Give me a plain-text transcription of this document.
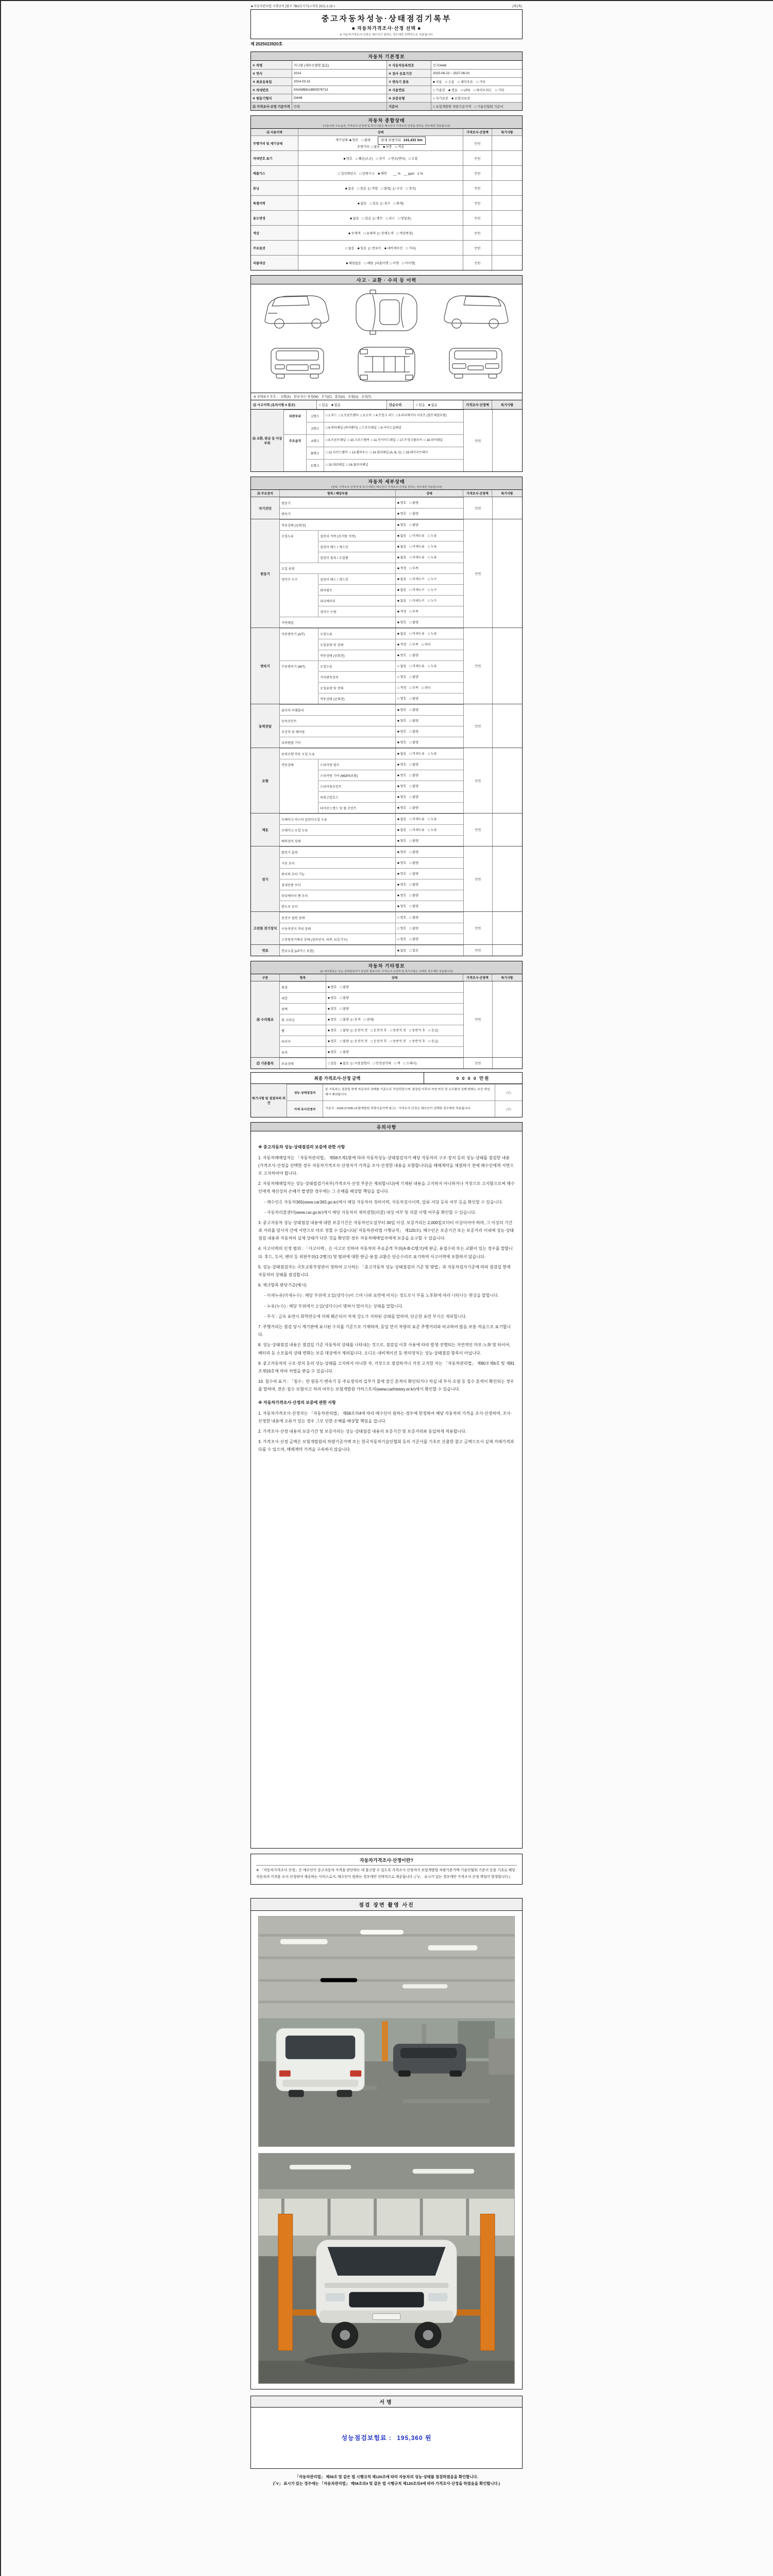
■ 자동차관리법 시행규칙 [별지 제82호서식] <개정 2021.1.19.>	(제1쪽)
중고자동차성능·상태점검기록부
■ 자동차가격조사·산정 선택 ■
※ 자동차가격조사·산정은 매수인이 원하는 경우에만 선택적으로 적용됩니다.
제 2025023920호
자동차 기본정보
① 차명	카니발 (세부모델명 없음)	⑤ 자동차등록번호	인지3448
② 연식	2014	⑥ 검사 유효기간	2025-06-23 ~ 2027-06-01
③ 최초등록일	2014-03-31	⑦ 변속기 종류	■ 자동 □ 수동 □ 세미오토 □ 기타
④ 차대번호	KNAMB81ABE5576713	⑧ 사용연료	□ 가솔린 ■ 경유 □ LPG □ 하이브리드 □ 기타
⑨ 원동기형식	D4HB	⑩ 보증유형	□ 자가보증 ■ 보험사보증
⑪ 가격조사·산정 기준가격	만원	기준서	□ 보험개발원 차량기준가액 □ 기술인협회 기준서
자동차 종합상태
(사용이력·주요옵션, 가격조사·산정액 및 특기사항은 매수인이 가격조사·산정을 원하는 경우에만 적용합니다)
⑫ 사용이력	상태	가격조사·산정액	특기사항
주행거리 및 계기상태
계기상태 ■ 양호 □ 불량	현재 주행거리 141,431 km
주행거리 □ 많음 ■ 보통 □ 적음
만원
차대번호 표기	■ 양호 □ 훼손(오손) □ 상이 □ 변조(변타) □ 도말	만원
배출가스	□ 일산화탄소 □ 탄화수소 ■ 매연  __ % __ ppm 2 %	만원
튜닝	■ 없음 □ 있음 (□ 적법 □ 불법) (□ 구조 □ 장치)	만원
특별이력	■ 없음 □ 있음 (□ 침수 □ 화재)	만원
용도변경	■ 없음 □ 있음 (□ 렌트 □ 리스 □ 영업용)	만원
색상	■ 무채색 □ 유채색 (□ 전체도색 □ 색상변경)	만원
주요옵션	□ 없음 ■ 있음 (□ 썬루프 ■ 네비게이션 □ 기타)	만원
리콜대상	■ 해당없음 □ 해당 (리콜이행 □ 이행 □ 미이행)	만원
사고 · 교환 · 수리 등 이력
※ 상태표시 부호 : 교환(X) 판금 또는 용접(W) 부식(C) 흠집(A) 요철(U) 손상(T)
⑬ 사고이력 (유의사항 4 참조)	□ 있음 ■ 없음	단순수리	□ 있음 ■ 없음	가격조사·산정액	특기사항
⑭ 교환, 판금 등 이상 부위
외판부위	1랭크	□ 1.후드 □ 2.프론트펜더 □ 3.도어 □ 4.트렁크 리드 □ 5.라디에이터 서포트 (볼트체결부품)
2랭크	□ 6.쿼터패널 (리어펜더) □ 7.루프패널 □ 8.사이드실패널
주요골격	A랭크	□ 9.프론트패널 □ 10.크로스멤버 □ 11.인사이드패널 □ 17.트렁크플로어 □ 18.리어패널
B랭크	□ 12.사이드멤버 □ 13.휠하우스 □ 14.필러패널 (A, B, C) □ 19.패키지트레이
C랭크	□ 15.대쉬패널 □ 16.플로어패널
만원
자동차 세부상태
(상태, 가격조사·산정액 및 특기사항은 매수인이 가격조사·산정을 원하는 경우에만 적용합니다)
⑮ 주요장치	항목 / 해당부품	상태	가격조사·산정액	특기사항
자기진단
원동기	■ 양호 □ 불량
변속기	■ 양호 □ 불량
만원
원동기
작동상태 (공회전)	■ 양호 □ 불량
오일누유	실린더 커버 (로커암 커버)	■ 없음 □ 미세누유 □ 누유
실린더 헤드 / 개스킷	■ 없음 □ 미세누유 □ 누유
실린더 블록 / 오일팬	■ 없음 □ 미세누유 □ 누유
오일 유량	■ 적정 □ 부족
냉각수 누수	실린더 헤드 / 개스킷	■ 없음 □ 미세누수 □ 누수
워터펌프	■ 없음 □ 미세누수 □ 누수
라디에이터	■ 없음 □ 미세누수 □ 누수
냉각수 수량	■ 적정 □ 부족
커먼레일	■ 양호 □ 불량
만원
변속기
자동변속기 (A/T)	오일누유	■ 없음 □ 미세누유 □ 누유
오일유량 및 상태	■ 적정 □ 부족 □ 과다
작동상태 (공회전)	■ 양호 □ 불량
수동변속기 (M/T)	오일누유	□ 없음 □ 미세누유 □ 누유
기어변속장치	□ 양호 □ 불량
오일유량 및 상태	□ 적정 □ 부족 □ 과다
작동상태 (공회전)	□ 양호 □ 불량
만원
동력전달
클러치 어셈블리	■ 양호 □ 불량
등속조인트	■ 양호 □ 불량
추진축 및 베어링	■ 양호 □ 불량
디퍼렌셜 기어	■ 양호 □ 불량
만원
조향
동력조향 작동 오일 누유	■ 없음 □ 미세누유 □ 누유
작동상태	스티어링 펌프	■ 양호 □ 불량
스티어링 기어 (MDPS포함)	■ 양호 □ 불량
스티어링조인트	■ 양호 □ 불량
파워고압호스	■ 양호 □ 불량
타이로드엔드 및 볼 조인트	■ 양호 □ 불량
만원
제동
브레이크 마스터 실린더오일 누유	■ 없음 □ 미세누유 □ 누유
브레이크 오일 누유	■ 없음 □ 미세누유 □ 누유
배력장치 상태	■ 양호 □ 불량
만원
전기
발전기 출력	■ 양호 □ 불량
시동 모터	■ 양호 □ 불량
와이퍼 모터 기능	■ 양호 □ 불량
실내송풍 모터	■ 양호 □ 불량
라디에이터 팬 모터	■ 양호 □ 불량
윈도우 모터	■ 양호 □ 불량
만원
고전원 전기장치
충전구 절연 상태	□ 양호 □ 불량
구동축전지 격리 상태	□ 양호 □ 불량
고전원전기배선 상태 (접속단자, 피복, 보호기구)	□ 양호 □ 불량
만원
연료	연료누출 (LP가스 포함)	■ 없음 □ 있음	만원
자동차 기타정보
(※ 체크항목은 성능·상태점검자가 점검한 결과이며, 가격조사·산정액 및 특기사항은 선택한 경우에만 적용합니다)
구분	항목	상태	가격조사·산정액	특기사항
⑯ 수리필요
외장	■ 양호 □ 불량
내장	■ 양호 □ 불량
광택	■ 양호 □ 불량
룸 크리닝	■ 양호 □ 불량 (□ 흔적 □ 냄새)
휠	■ 양호 □ 불량 (□ 운전석 전 □ 운전석 후 □ 동반석 전 □ 동반석 후 □ 응급)
타이어	■ 양호 □ 불량 (□ 운전석 전 □ 운전석 후 □ 동반석 전 □ 동반석 후 □ 응급)
유리	■ 양호 □ 불량
만원
⑰ 기본품목	보유상태	□ 있음 ■ 없음 (□ 사용설명서 □ 안전삼각대 □ 잭 □ 스패너)	만원
최종 가격조사·산정 금액	0 0 0 0
만원
특기사항 및 점검자의 의견
성능·상태점검자
본 기록부는 점검일 현재 자동차의 상태를 기준으로 작성되었으며, 점검일 이후의 자연 마모 및 소모품의 상태 변화는 보증 대상에서 제외됩니다.	(인)
가격·조사산정자	기준서 : 1939-2722B (보험개발원 차량기준가액 참고) · 가격조사·산정은 매수인이 선택한 경우에만 적용됩니다.	(인)
유의사항

※ 중고자동차 성능·상태점검의 보증에 관한 사항

1. 자동차매매업자는 「자동차관리법」 제58조제1항에 따라 자동차성능·상태점검자가 해당 자동차의 구조·장치 등의 성능·상태를 점검한 내용(가격조사·산정을 선택한 경우 자동차가격조사·산정자가 가격을 조사·산정한 내용을 포함합니다)을 매매계약을 체결하기 전에 매수인에게 서면으로 고지하여야 합니다.

2. 자동차매매업자는 성능·상태점검기록부(가격조사·산정 부분은 제외합니다)에 기재된 내용을 고지하지 아니하거나 거짓으로 고지함으로써 매수인에게 재산상의 손해가 발생한 경우에는 그 손해를 배상할 책임을 집니다.

- 매수인은 자동차365(www.car365.go.kr)에서 해당 자동차의 정비이력, 자동차검사이력, 압류·저당 등록 여부 등을 확인할 수 있습니다.

- 자동차리콜센터(www.car.go.kr)에서 해당 자동차의 제작결함(리콜) 대상 여부 및 리콜 이행 여부를 확인할 수 있습니다.

3. 중고자동차 성능·상태점검 내용에 대한 보증기간은 자동차인도일부터 30일 이상, 보증거리는 2,000킬로미터 이상이어야 하며, 그 이상의 기간과 거리를 당사자 간에 서면으로 따로 정할 수 있습니다(「자동차관리법 시행규칙」 제120조). 매수인은 보증기간 또는 보증거리 이내에 성능·상태점검 내용과 자동차의 실제 상태가 다른 것을 확인한 경우 자동차매매업자에게 보증을 요구할 수 있습니다.

4. 사고이력의 인정 범위 : 「사고이력」은 사고로 인하여 자동차의 주요골격 부위(A·B·C랭크)에 판금, 용접수리 또는 교환이 있는 경우를 말합니다. 후드, 도어, 펜더 등 외판부위(1·2랭크) 및 범퍼에 대한 판금·용접·교환은 단순수리로 표기하며 사고이력에 포함하지 않습니다.

5. 성능·상태점검자는 국토교통부장관이 정하여 고시하는 「중고자동차 성능·상태점검의 기준 및 방법」과 자동차검사기준에 따라 점검일 현재 자동차의 상태를 점검합니다.

6. 체크항목 판단기준(예시)

- 미세누유(미세누수) : 해당 부위에 오일(냉각수)이 스며 나와 표면에 비치는 정도로서 부품 노후화에 따라 나타나는 현상을 말합니다.

- 누유(누수) : 해당 부위에서 오일(냉각수)이 맺혀서 떨어지는 상태를 말합니다.

- 부식 : 금속 표면이 화학반응에 의해 훼손되어 차체 강도가 저하된 상태를 말하며, 단순한 표면 부식은 제외합니다.

7. 주행거리는 점검 당시 계기판에 표시된 수치를 기준으로 기재하며, 동일 연식 차량의 표준 주행거리와 비교하여 많음·보통·적음으로 표기합니다.

8. 성능·상태점검 내용은 점검일 기준 자동차의 상태를 나타내는 것으로, 점검일 이후 사용에 따라 발생·진행되는 자연적인 마모·노화 및 타이어, 배터리 등 소모품의 상태 변화는 보증 대상에서 제외됩니다. 오디오·내비게이션 등 편의장치는 성능·상태점검 항목이 아닙니다.

9. 중고자동차의 구조·장치 등의 성능·상태를 고지하지 아니한 자, 거짓으로 점검하거나 거짓 고지한 자는 「자동차관리법」 제80조제6호 및 제81조제19호에 따라 처벌을 받을 수 있습니다.

10. 침수의 표기 : 「침수」란 원동기·변속기 등 주요장치의 일부가 물에 잠긴 흔적이 확인되거나 차실 내 부식·오염 등 침수 흔적이 확인되는 경우를 말하며, 전손·침수 보험사고 처리 여부는 보험개발원 카히스토리(www.carhistory.or.kr)에서 확인할 수 있습니다.

※ 자동차가격조사·산정의 보증에 관한 사항

1. 자동차가격조사·산정자는 「자동차관리법」 제58조의4에 따라 매수인이 원하는 경우에 한정하여 해당 자동차의 가격을 조사·산정하며, 조사·산정한 내용에 오류가 있는 경우 그로 인한 손해를 배상할 책임을 집니다.

2. 가격조사·산정 내용의 보증기간 및 보증거리는 성능·상태점검 내용의 보증기간 및 보증거리와 동일하게 적용합니다.

3. 가격조사·산정 금액은 보험개발원의 차량기준가액 또는 한국자동차기술인협회 등의 기준서를 기초로 산출한 참고 금액으로서 실제 거래가격과 다를 수 있으며, 매매계약 가격을 구속하지 않습니다.

자동차가격조사·산정이란?
※ 「자동차가격조사·산정」은 매수인이 중고자동차 가격을 판단하는 데 참고할 수 있도록 가격조사·산정자가 보험개발원 차량기준가액·기술인협회 기준서 등을 기초로 해당 자동차의 가격을 조사·산정하여 제공하는 서비스로서, 매수인이 원하는 경우에만 선택적으로 제공됩니다. (「V」 표시가 있는 경우에만 가격조사·산정 책임이 발생합니다.)
점검 장면 촬영 사진
서명
성능점검보험료 : 195,360 원
「자동차관리법」 제58조 및 같은 법 시행규칙 제120조에 따라 자동차의 성능·상태를 점검하였음을 확인합니다.
(「V」 표시가 있는 경우에는 「자동차관리법」 제58조의4 및 같은 법 시행규칙 제120조의4에 따라 가격조사·산정을 하였음을 확인합니다.)
